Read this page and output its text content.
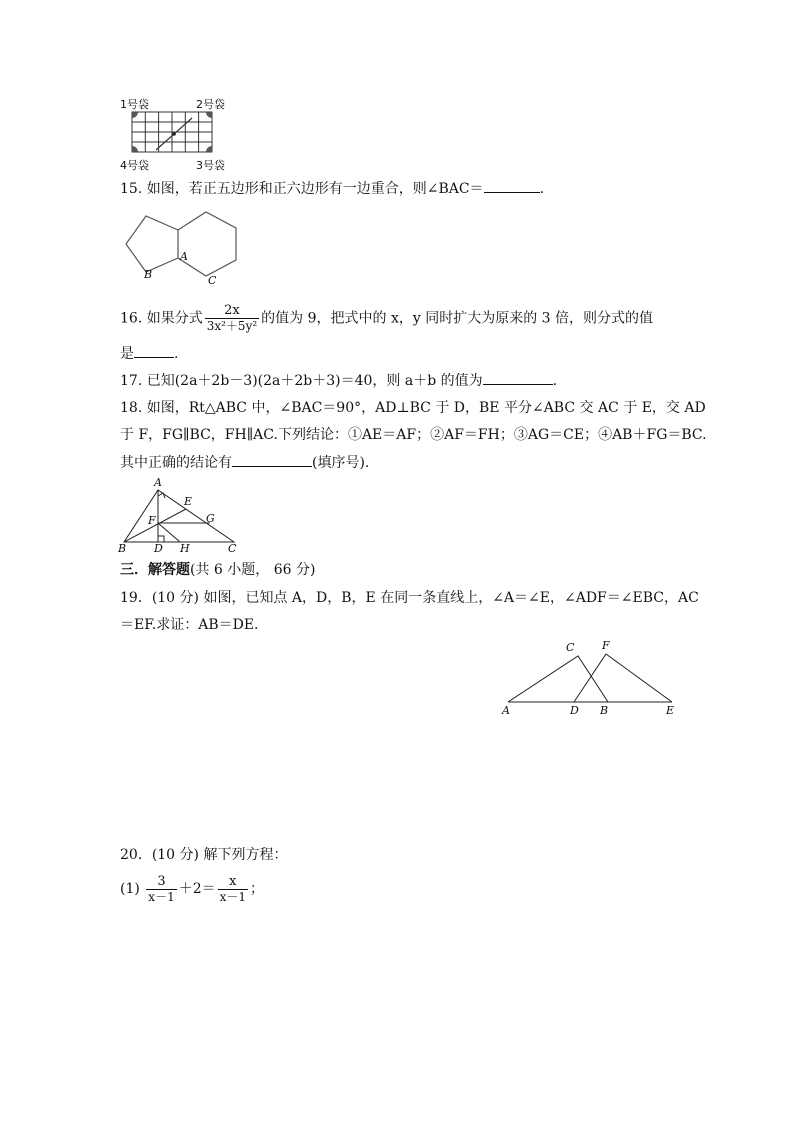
1号袋	2号袋
4号袋	3号袋
15. 如图，若正五边形和正六边形有一边重合，则∠BAC＝	.
A
B	C
16. 如果分式 $\frac{2x}{\text{3x²＋5y²}}$ 的值为 9，把式中的 x，y 同时扩大为原来的 3 倍，则分式的值
是	.
17. 已知(2a＋2b－3)(2a＋2b＋3)＝40，则 a＋b 的值为	.
18. 如图，Rt△ABC 中，∠BAC＝90°，AD⊥BC 于 D，BE 平分∠ABC 交 AC 于 E，交 AD
于 F，FG∥BC，FH∥AC.下列结论：①AE＝AF；②AF＝FH；③AG＝CE；④AB＋FG＝BC.
其中正确的结论有	(填序号).
A
E
F	G
B	D H	C
三．解答题(共 6 小题， 66 分)
19．(10 分) 如图，已知点 A，D，B，E 在同一条直线上，∠A＝∠E，∠ADF＝∠EBC，AC
＝EF.求证：AB＝DE.
C	F
A	D B	E
20．(10 分) 解下列方程：
$(1) \frac{3}{x-1} +2= \frac{x}{x-1}$ ；
